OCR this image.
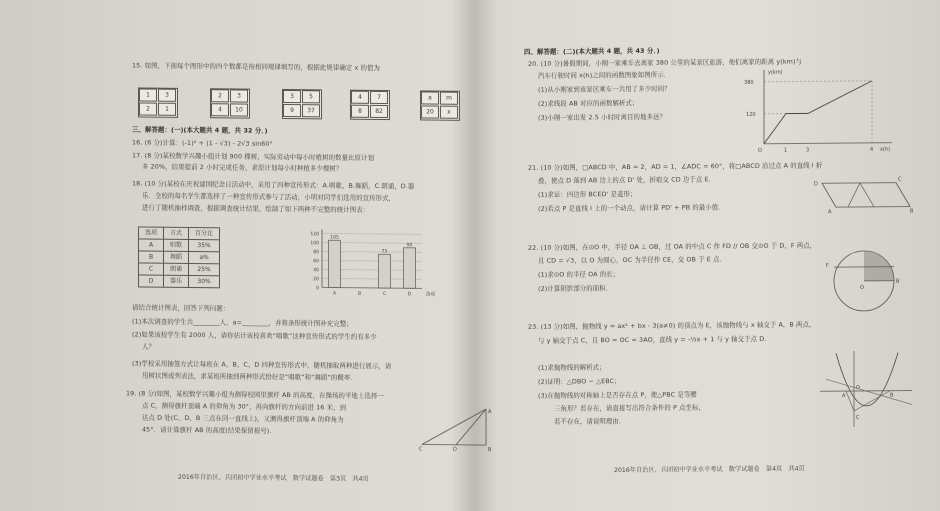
15. 如图，下面每个图形中的四个数都是按相同规律填写的，根据此规律确定 x 的值为
1	3
2	1
2	3
4	10
3	5
9	37
4	7
8	82
a	m
20	x
三、解答题：(一)(本大题共 4 题，共 32 分．)
16. (6 分)计算：(-1)² + (1 - √3) - 2√3 sin60°
17. (8 分)某校数学兴趣小组计划 900 棵树，实际劳动中每小时植树的数量比原计划
多 20%，结果提前 2 小时完成任务，求原计划每小时种植多少棵树？
18. (10 分)某校在庆祝建国纪念日活动中，采用了四种宣传形式：A.唱歌，B.舞蹈，C.朗诵，D.器
乐．全校的每名学生都选择了一种宣传形式参与了活动，小明对同学们选用的宣传形式，
进行了随机抽样调查，根据调查统计结果，绘制了如下两种不完整的统计图表：
选项	方式	百分比
A	唱歌	35%
B	舞蹈	a%
C	朗诵	25%
D	器乐	30%
120
100
80
60
40
20
0
105
A	B
75
C
90
D	选项
请结合统计图表，回答下列问题：
(1)本次调查的学生共________人，a=________，并将条形统计图补充完整；
(2)如果该校学生有 2000 人，请你估计该校喜欢“唱歌”这种宣传形式的学生约有多少
人？
(3)学校采用抽签方式让每班在 A、B、C、D 四种宣传形式中，随机抽取两种进行展示，请
用树状图或列表法，求某班所抽到两种形式恰好是“唱歌”和“舞蹈”的概率．
19. (8 分)如图，某校数学兴趣小组为测得校园里旗杆 AB 的高度，在操场的平地上选择一
点 C，测得旗杆顶端 A 的仰角为 30°，再向旗杆的方向前进 16 米，到
达点 D 处(C、D、B 三点在同一直线上)，又测得旗杆顶端 A 的仰角为
45°．请计算旗杆 AB 的高度(结果保留根号)．
A
B
C	D
2016年自治区、兵团初中学业水平考试　数学试题卷　第3页　共4页
四、解答题：(二)(本大题共 4 题，共 43 分．)
20. (10 分)暑假期间，小刚一家乘车去离家 380 公里的某景区旅游，他们离家的距离 y(km)与
汽车行驶时间 x(h)之间的函数图象如图所示．
(1)从小刚家到该景区乘车一共用了多少时间？
(2)求线段 AB 对应的函数解析式；
(3)小刚一家出发 2.5 小时时离目的地多远？
y(km)
x(h)
380
120
O	1	3	4
21. (10 分)如图，□ABCD 中，AB = 2，AD = 1，∠ADC = 60°，将□ABCD 沿过点 A 的直线 l 折
叠，使点 D 落到 AB 边上的点 D' 处，折痕交 CD 边于点 E．
(1)求证：四边形 BCED' 是菱形；
(2)若点 P 是直线 l 上的一个动点，请计算 PD' + PB 的最小值．
D
C
A	B
22. (10 分)如图，在⊙O 中，半径 OA ⊥ OB，过 OA 的中点 C 作 FD // OB 交⊙O 于 D、F 两点，
且 CD = √3，以 O 为圆心，OC 为半径作 CE，交 OB 于 E 点．
(1)求⊙O 的半径 OA 的长；
(2)计算阴影部分的面积．	O
B
F
23. (13 分)如图，抛物线 y = ax² + bx - 3(a≠0) 的顶点为 E，该抛物线与 x 轴交于 A，B 两点，
与 y 轴交于点 C，且 BO = OC = 3AO，直线 y = -⅓x + 1 与 y 轴交于点 D．
(1)求抛物线的解析式；
(2)证明：△DBO ∽ △EBC；
(3)在抛物线的对称轴上是否存在点 P，使△PBC 是等腰
三角形？若存在，请直接写出符合条件的 P 点坐标，
若不存在，请说明理由．
A	B
C
O
2016年自治区、兵团初中学业水平考试　数学试题卷　第4页　共4页
